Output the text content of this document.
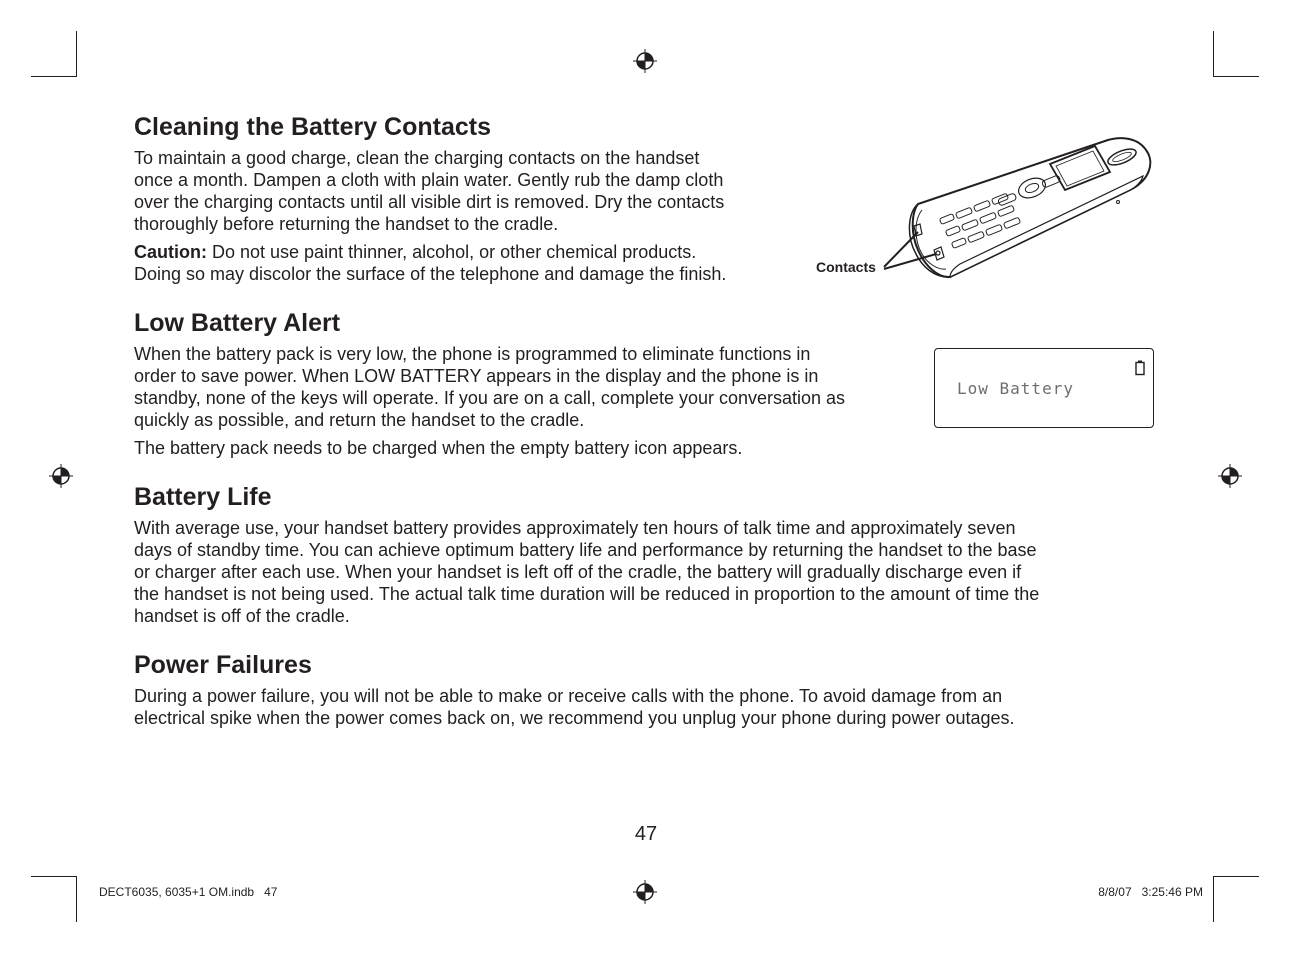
Cleaning the Battery Contacts

To maintain a good charge, clean the charging contacts on the handset

once a month. Dampen a cloth with plain water. Gently rub the damp cloth

over the charging contacts until all visible dirt is removed. Dry the contacts

thoroughly before returning the handset to the cradle.

Caution: Do not use paint thinner, alcohol, or other chemical products.

Doing so may discolor the surface of the telephone and damage the finish.	Contacts
Low Battery Alert

When the battery pack is very low, the phone is programmed to eliminate functions in

order to save power. When LOW BATTERY appears in the display and the phone is in

standby, none of the keys will operate. If you are on a call, complete your conversation as

quickly as possible, and return the handset to the cradle.

The battery pack needs to be charged when the empty battery icon appears.

Low Battery
Battery Life

With average use, your handset battery provides approximately ten hours of talk time and approximately seven

days of standby time. You can achieve optimum battery life and performance by returning the handset to the base

or charger after each use. When your handset is left off of the cradle, the battery will gradually discharge even if

the handset is not being used. The actual talk time duration will be reduced in proportion to the amount of time the

handset is off of the cradle.

Power Failures

During a power failure, you will not be able to make or receive calls with the phone. To avoid damage from an

electrical spike when the power comes back on, we recommend you unplug your phone during power outages.

47
DECT6035, 6035+1 OM.indb   47	8/8/07   3:25:46 PM
